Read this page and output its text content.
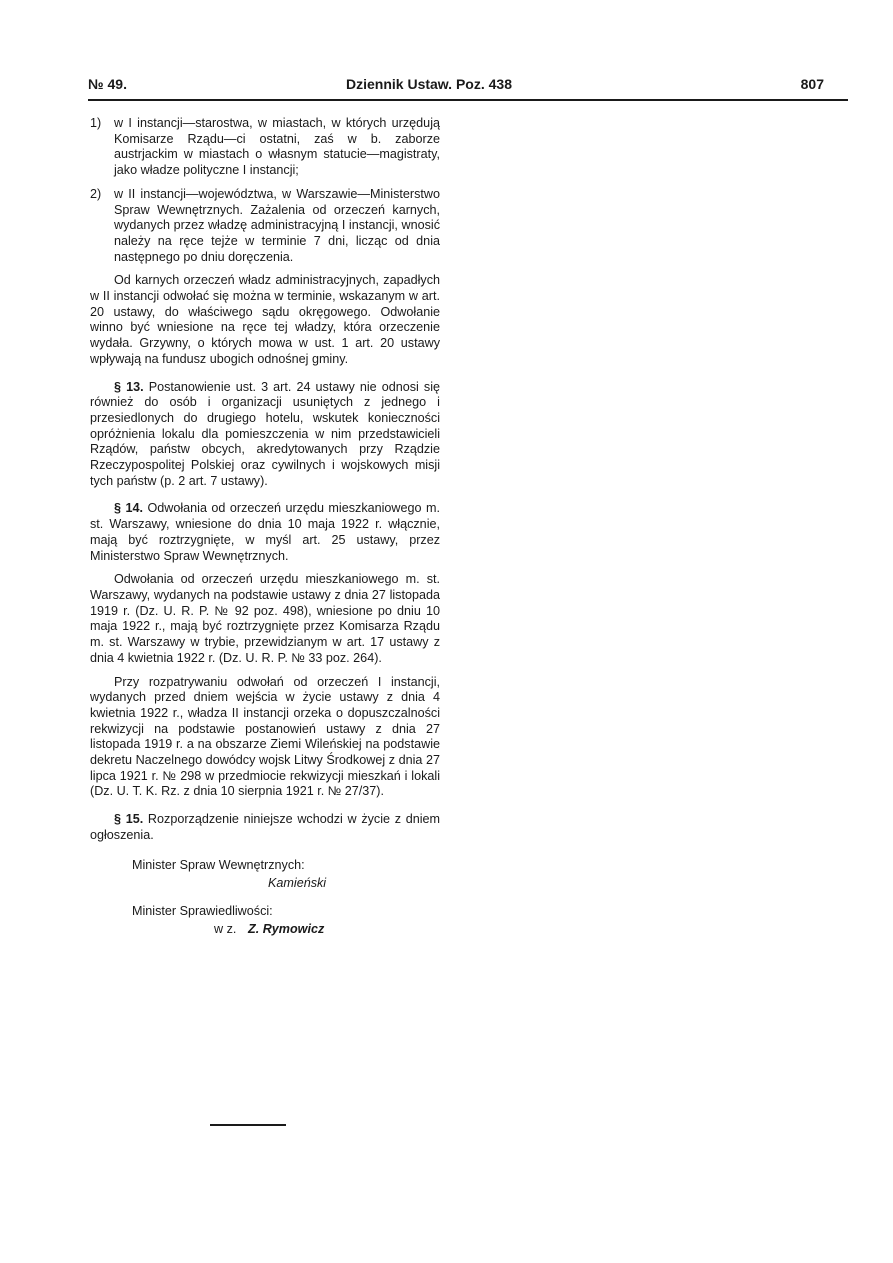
№ 49.	Dziennik Ustaw. Poz. 438	807
1) w I instancji—starostwa, w miastach, w których urzędują Komisarze Rządu—ci ostatni, zaś w b. zaborze austrjackim w miastach o własnym statucie—magistraty, jako władze polityczne I instancji;
2) w II instancji—województwa, w Warszawie—Ministerstwo Spraw Wewnętrznych. Zażalenia od orzeczeń karnych, wydanych przez władzę administracyjną I instancji, wnosić należy na ręce tejże w terminie 7 dni, licząc od dnia następnego po dniu doręczenia.
Od karnych orzeczeń władz administracyjnych, zapadłych w II instancji odwołać się można w terminie, wskazanym w art. 20 ustawy, do właściwego sądu okręgowego. Odwołanie winno być wniesione na ręce tej władzy, która orzeczenie wydała. Grzywny, o których mowa w ust. 1 art. 20 ustawy wpływają na fundusz ubogich odnośnej gminy.
§ 13. Postanowienie ust. 3 art. 24 ustawy nie odnosi się również do osób i organizacji usuniętych z jednego i przesiedlonych do drugiego hotelu, wskutek konieczności opróżnienia lokalu dla pomieszczenia w nim przedstawicieli Rządów, państw obcych, akredytowanych przy Rządzie Rzeczypospolitej Polskiej oraz cywilnych i wojskowych misji tych państw (p. 2 art. 7 ustawy).
§ 14. Odwołania od orzeczeń urzędu mieszkaniowego m. st. Warszawy, wniesione do dnia 10 maja 1922 r. włącznie, mają być roztrzygnięte, w myśl art. 25 ustawy, przez Ministerstwo Spraw Wewnętrznych.
Odwołania od orzeczeń urzędu mieszkaniowego m. st. Warszawy, wydanych na podstawie ustawy z dnia 27 listopada 1919 r. (Dz. U. R. P. № 92 poz. 498), wniesione po dniu 10 maja 1922 r., mają być roztrzygnięte przez Komisarza Rządu m. st. Warszawy w trybie, przewidzianym w art. 17 ustawy z dnia 4 kwietnia 1922 r. (Dz. U. R. P. № 33 poz. 264).
Przy rozpatrywaniu odwołań od orzeczeń I instancji, wydanych przed dniem wejścia w życie ustawy z dnia 4 kwietnia 1922 r., władza II instancji orzeka o dopuszczalności rekwizycji na podstawie postanowień ustawy z dnia 27 listopada 1919 r. a na obszarze Ziemi Wileńskiej na podstawie dekretu Naczelnego dowódcy wojsk Litwy Środkowej z dnia 27 lipca 1921 r. № 298 w przedmiocie rekwizycji mieszkań i lokali (Dz. U. T. K. Rz. z dnia 10 sierpnia 1921 r. № 27/37).
§ 15. Rozporządzenie niniejsze wchodzi w życie z dniem ogłoszenia.
Minister Spraw Wewnętrznych:
Kamieński
Minister Sprawiedliwości:
w z. Z. Rymowicz
